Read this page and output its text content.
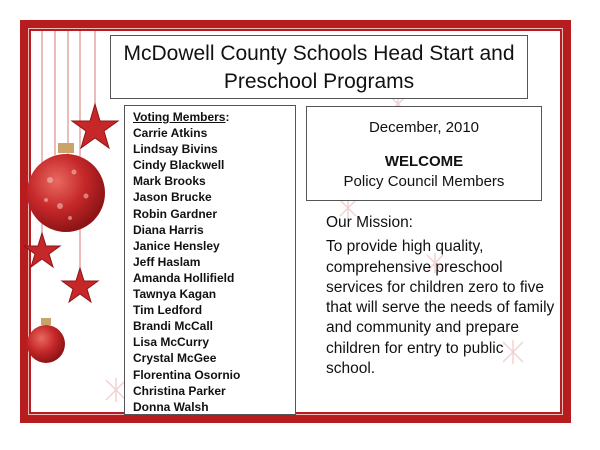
McDowell County Schools Head Start and Preschool Programs
Voting Members:
Carrie Atkins
Lindsay Bivins
Cindy Blackwell
Mark Brooks
Jason Brucke
Robin Gardner
Diana Harris
Janice Hensley
Jeff Haslam
Amanda Hollifield
Tawnya Kagan
Tim Ledford
Brandi McCall
Lisa McCurry
Crystal McGee
Florentina Osornio
Christina Parker
Donna Walsh
December, 2010
WELCOME
Policy Council Members
Our Mission:
To provide high quality, comprehensive preschool services for children zero to five that will serve the needs of family and community and prepare children for entry to public school.
